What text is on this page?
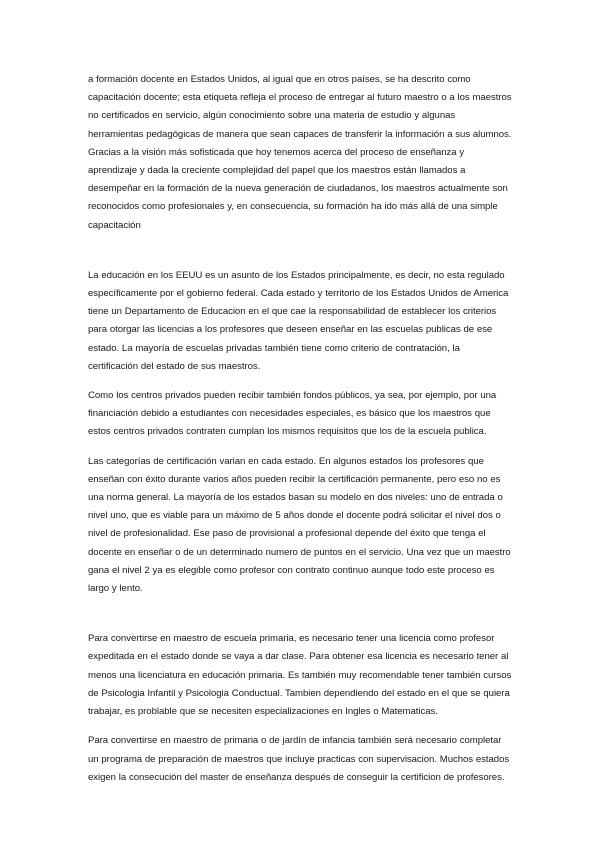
a formación docente en Estados Unidos, al igual que en otros países, se ha descrito como capacitación docente; esta etiqueta refleja el proceso de entregar al futuro maestro o a los maestros no certificados en servicio, algún conocimiento sobre una materia de estudio y algunas herramientas pedagógicas de manera que sean capaces de transferir la información a sus alumnos. Gracias a la visión más sofisticada que hoy tenemos acerca del proceso de enseñanza y aprendizaje y dada la creciente complejidad del papel que los maestros están llamados a desempeñar en la formación de la nueva generación de ciudadanos, los maestros actualmente son reconocidos como profesionales y, en consecuencia, su formación ha ido más allá de una simple capacitación

La educación en los EEUU es un asunto de los Estados principalmente, es decir, no esta regulado específicamente por el gobierno federal. Cada estado y territorio de los Estados Unidos de America tiene un Departamento de Educacion en el que cae la responsabilidad de establecer los criterios para otorgar las licencias a los profesores que deseen enseñar en las escuelas publicas de ese estado. La mayoría de escuelas privadas también tiene como criterio de contratación, la certificación del estado de sus maestros.

Como los centros privados pueden recibir también fondos públicos, ya sea, por ejemplo, por una financiación debido a estudiantes con necesidades especiales, es básico que los maestros que estos centros privados contraten cumplan los mismos requisitos que los de la escuela publica.

Las categorías de certificación varian en cada estado. En algunos estados los profesores que enseñan con éxito durante varios años pueden recibir la certificación permanente, pero eso no es una norma general. La mayoría de los estados basan su modelo en dos niveles: uno de entrada o nivel uno, que es viable para un máximo de 5 años donde el docente podrá solicitar el nivel dos o nivel de profesionalidad. Ese paso de provisional a profesional depende del éxito que tenga el docente en enseñar o de un determinado numero de puntos en el servicio. Una vez que un maestro gana el nivel 2 ya es elegible como profesor con contrato continuo aunque todo este proceso es largo y lento.

Para convertirse en maestro de escuela primaria, es necesario tener una licencia como profesor expeditada en el estado donde se vaya a dar clase. Para obtener esa licencia es necesario tener al menos una licenciatura en educación primaria. Es también muy recomendable tener también cursos de Psicologia Infantil y Psicologia Conductual. Tambien dependiendo del estado en el que se quiera trabajar, es problable que se necesiten especializaciones en Ingles o Matematicas.

Para convertirse en maestro de primaria o de jardín de infancia también será necesario completar un programa de preparación de maestros que incluye practicas con supervisacion. Muchos estados exigen la consecución del master de enseñanza después de conseguir la certificion de profesores.
